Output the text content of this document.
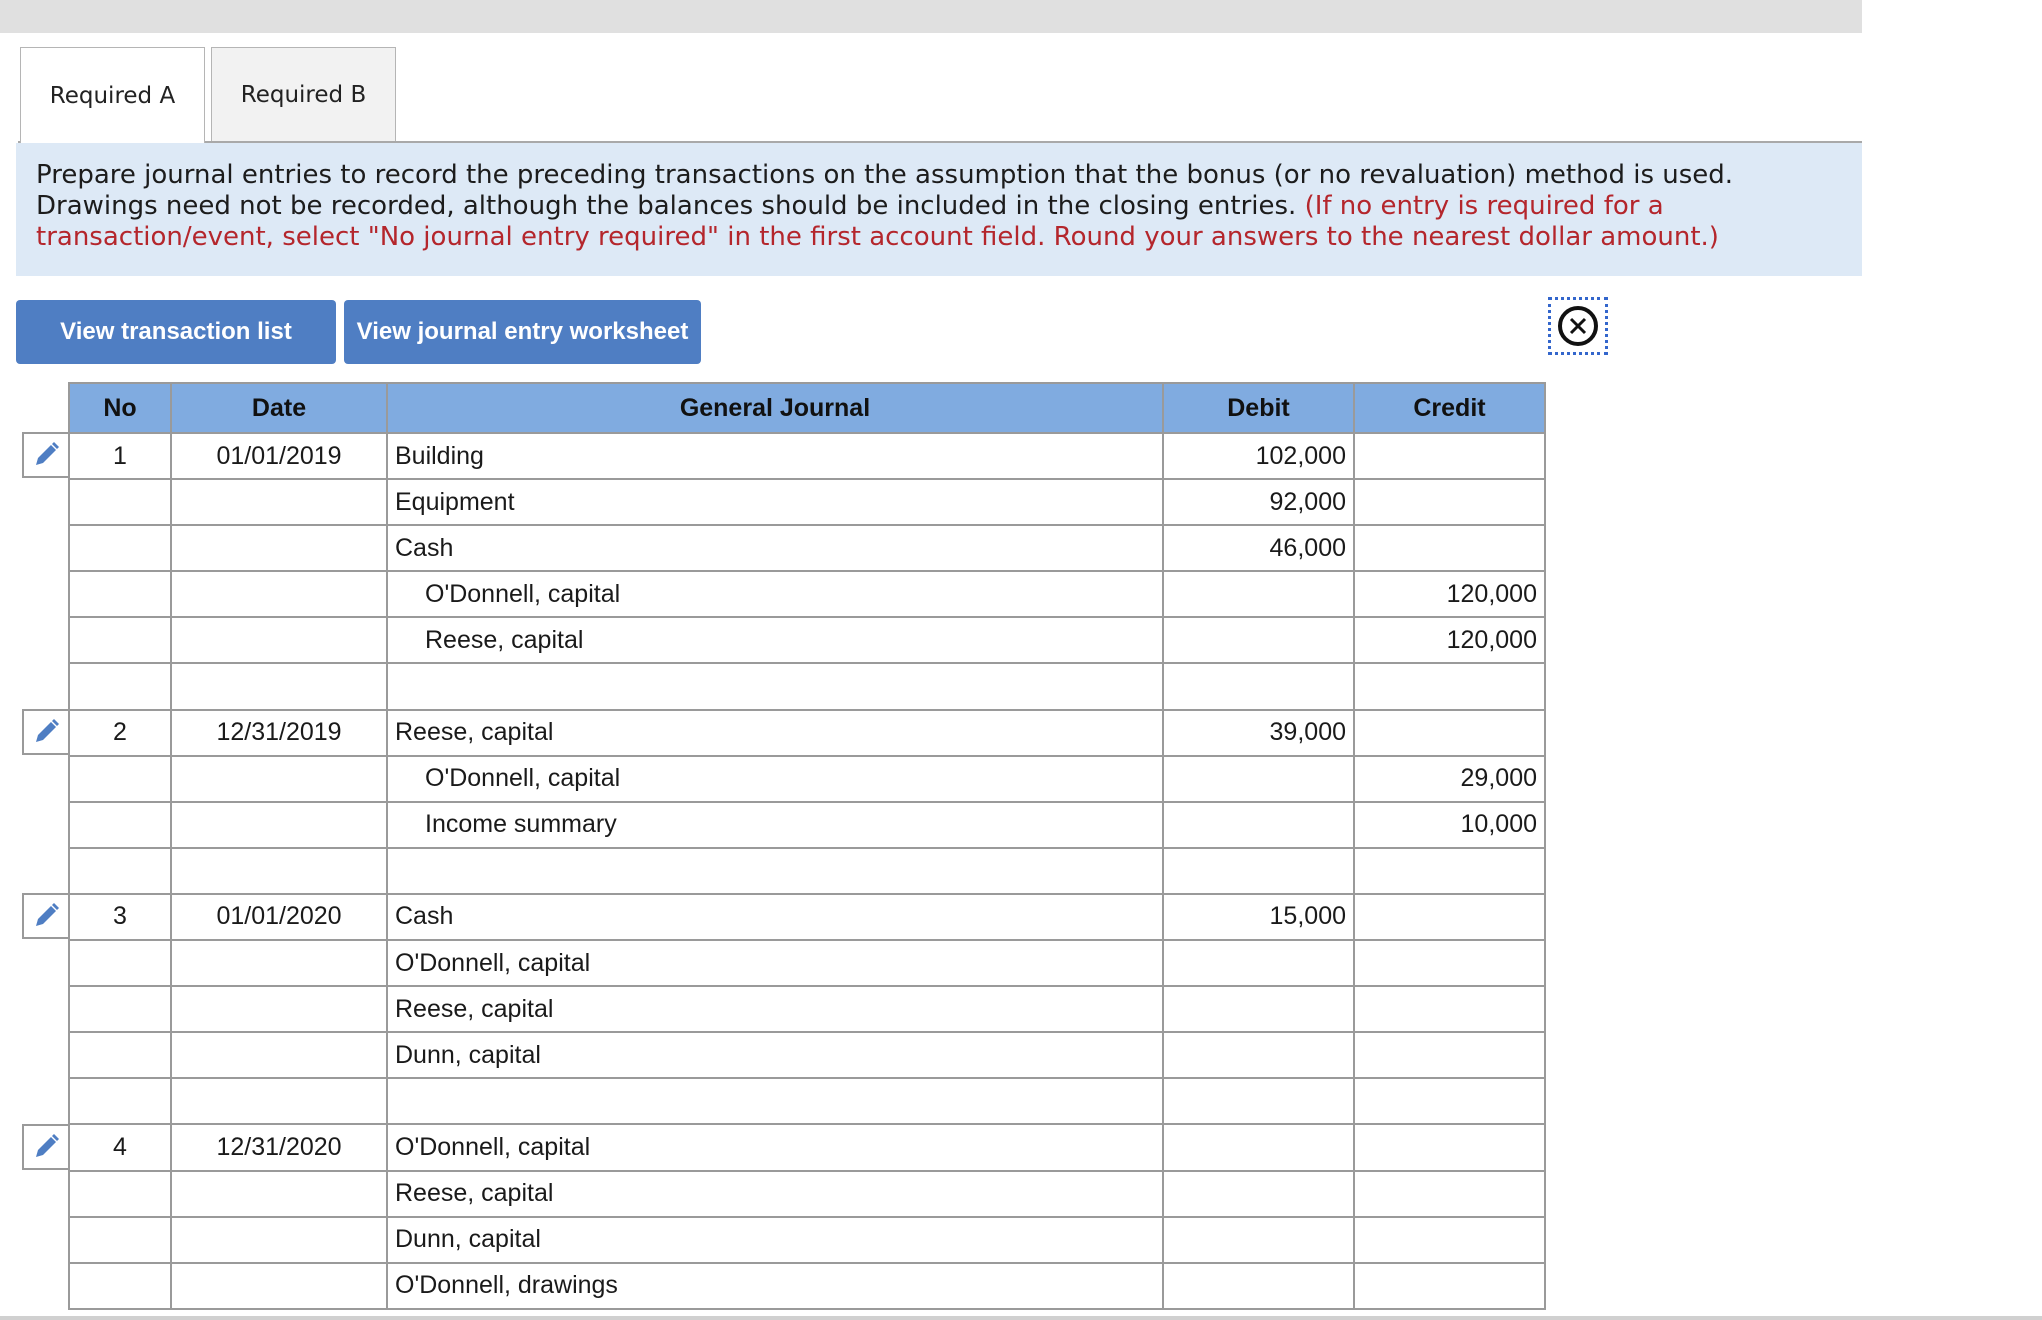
Required A	Required B
Prepare journal entries to record the preceding transactions on the assumption that the bonus (or no revaluation) method is used. Drawings need not be recorded, although the balances should be included in the closing entries. (If no entry is required for a transaction/event, select "No journal entry required" in the first account field. Round your answers to the nearest dollar amount.)
View transaction list	View journal entry worksheet
No	Date	General Journal	Debit	Credit
1	01/01/2019	Building	102,000	
		Equipment	92,000	
		Cash	46,000	
		O'Donnell, capital		120,000
		Reese, capital		120,000

2	12/31/2019	Reese, capital	39,000	
		O'Donnell, capital		29,000
		Income summary		10,000

3	01/01/2020	Cash	15,000	
		O'Donnell, capital		
		Reese, capital		
		Dunn, capital		

4	12/31/2020	O'Donnell, capital		
		Reese, capital		
		Dunn, capital		
		O'Donnell, drawings		
